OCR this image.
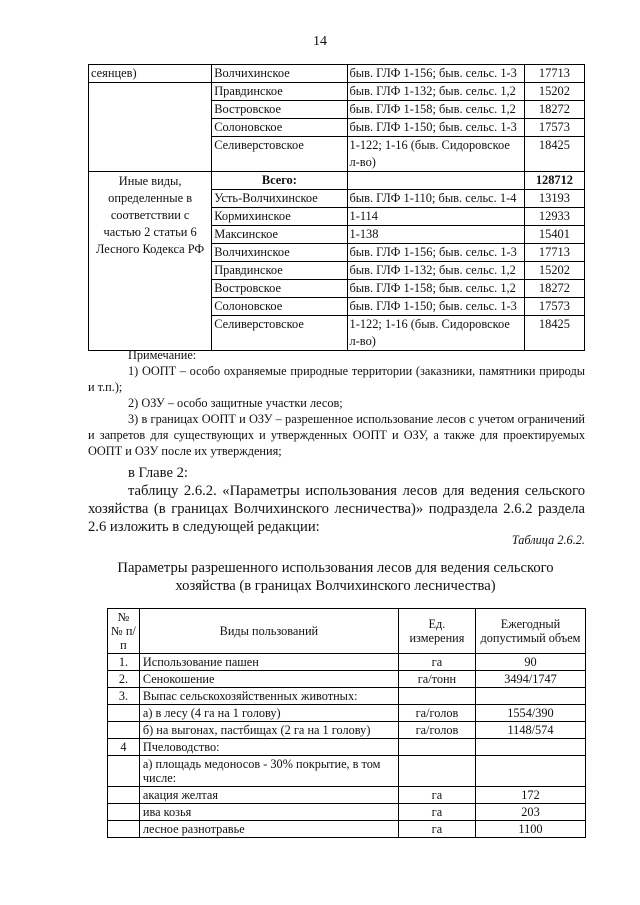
14
сеянцев)	Волчихинское	быв. ГЛФ 1-156; быв. сельс. 1-3	17713
	Правдинское	быв. ГЛФ 1-132; быв. сельс. 1,2	15202
	Востровское	быв. ГЛФ 1-158; быв. сельс. 1,2	18272
	Солоновское	быв. ГЛФ 1-150; быв. сельс. 1-3	17573
	Селиверстовское	1-122; 1-16 (быв. Сидоровское л-во)	18425
Иные виды, определенные в соответствии с частью 2 статьи 6 Лесного Кодекса РФ	Всего:		128712
	Усть-Волчихинское	быв. ГЛФ 1-110; быв. сельс. 1-4	13193
	Кормихинское	1-114	12933
	Максинское	1-138	15401
	Волчихинское	быв. ГЛФ 1-156; быв. сельс. 1-3	17713
	Правдинское	быв. ГЛФ 1-132; быв. сельс. 1,2	15202
	Востровское	быв. ГЛФ 1-158; быв. сельс. 1,2	18272
	Солоновское	быв. ГЛФ 1-150; быв. сельс. 1-3	17573
	Селиверстовское	1-122; 1-16 (быв. Сидоровское л-во)	18425
Примечание:
1) ООПТ – особо охраняемые природные территории (заказники, памятники природы и т.п.);
2) ОЗУ – особо защитные участки лесов;
3) в границах ООПТ и ОЗУ – разрешенное использование лесов с учетом ограничений и запретов для существующих и утвержденных ООПТ и ОЗУ, а также для проектируемых ООПТ и ОЗУ после их утверждения;
в Главе 2:
таблицу 2.6.2. «Параметры использования лесов для ведения сельского хозяйства (в границах Волчихинского лесничества)» подраздела 2.6.2 раздела 2.6 изложить в следующей редакции:
Таблица 2.6.2.
Параметры разрешенного использования лесов для ведения сельского хозяйства (в границах Волчихинского лесничества)
№ № п/п	Виды пользований	Ед. измерения	Ежегодный допустимый объем
1.	Использование пашен	га	90
2.	Сенокошение	га/тонн	3494/1747
3.	Выпас сельскохозяйственных животных:		
	а) в лесу (4 га на 1 голову)	га/голов	1554/390
	б) на выгонах, пастбищах (2 га на 1 голову)	га/голов	1148/574
4	Пчеловодство:		
	а) площадь медоносов - 30% покрытие, в том числе:		
	акация желтая	га	172
	ива козья	га	203
	лесное разнотравье	га	1100
